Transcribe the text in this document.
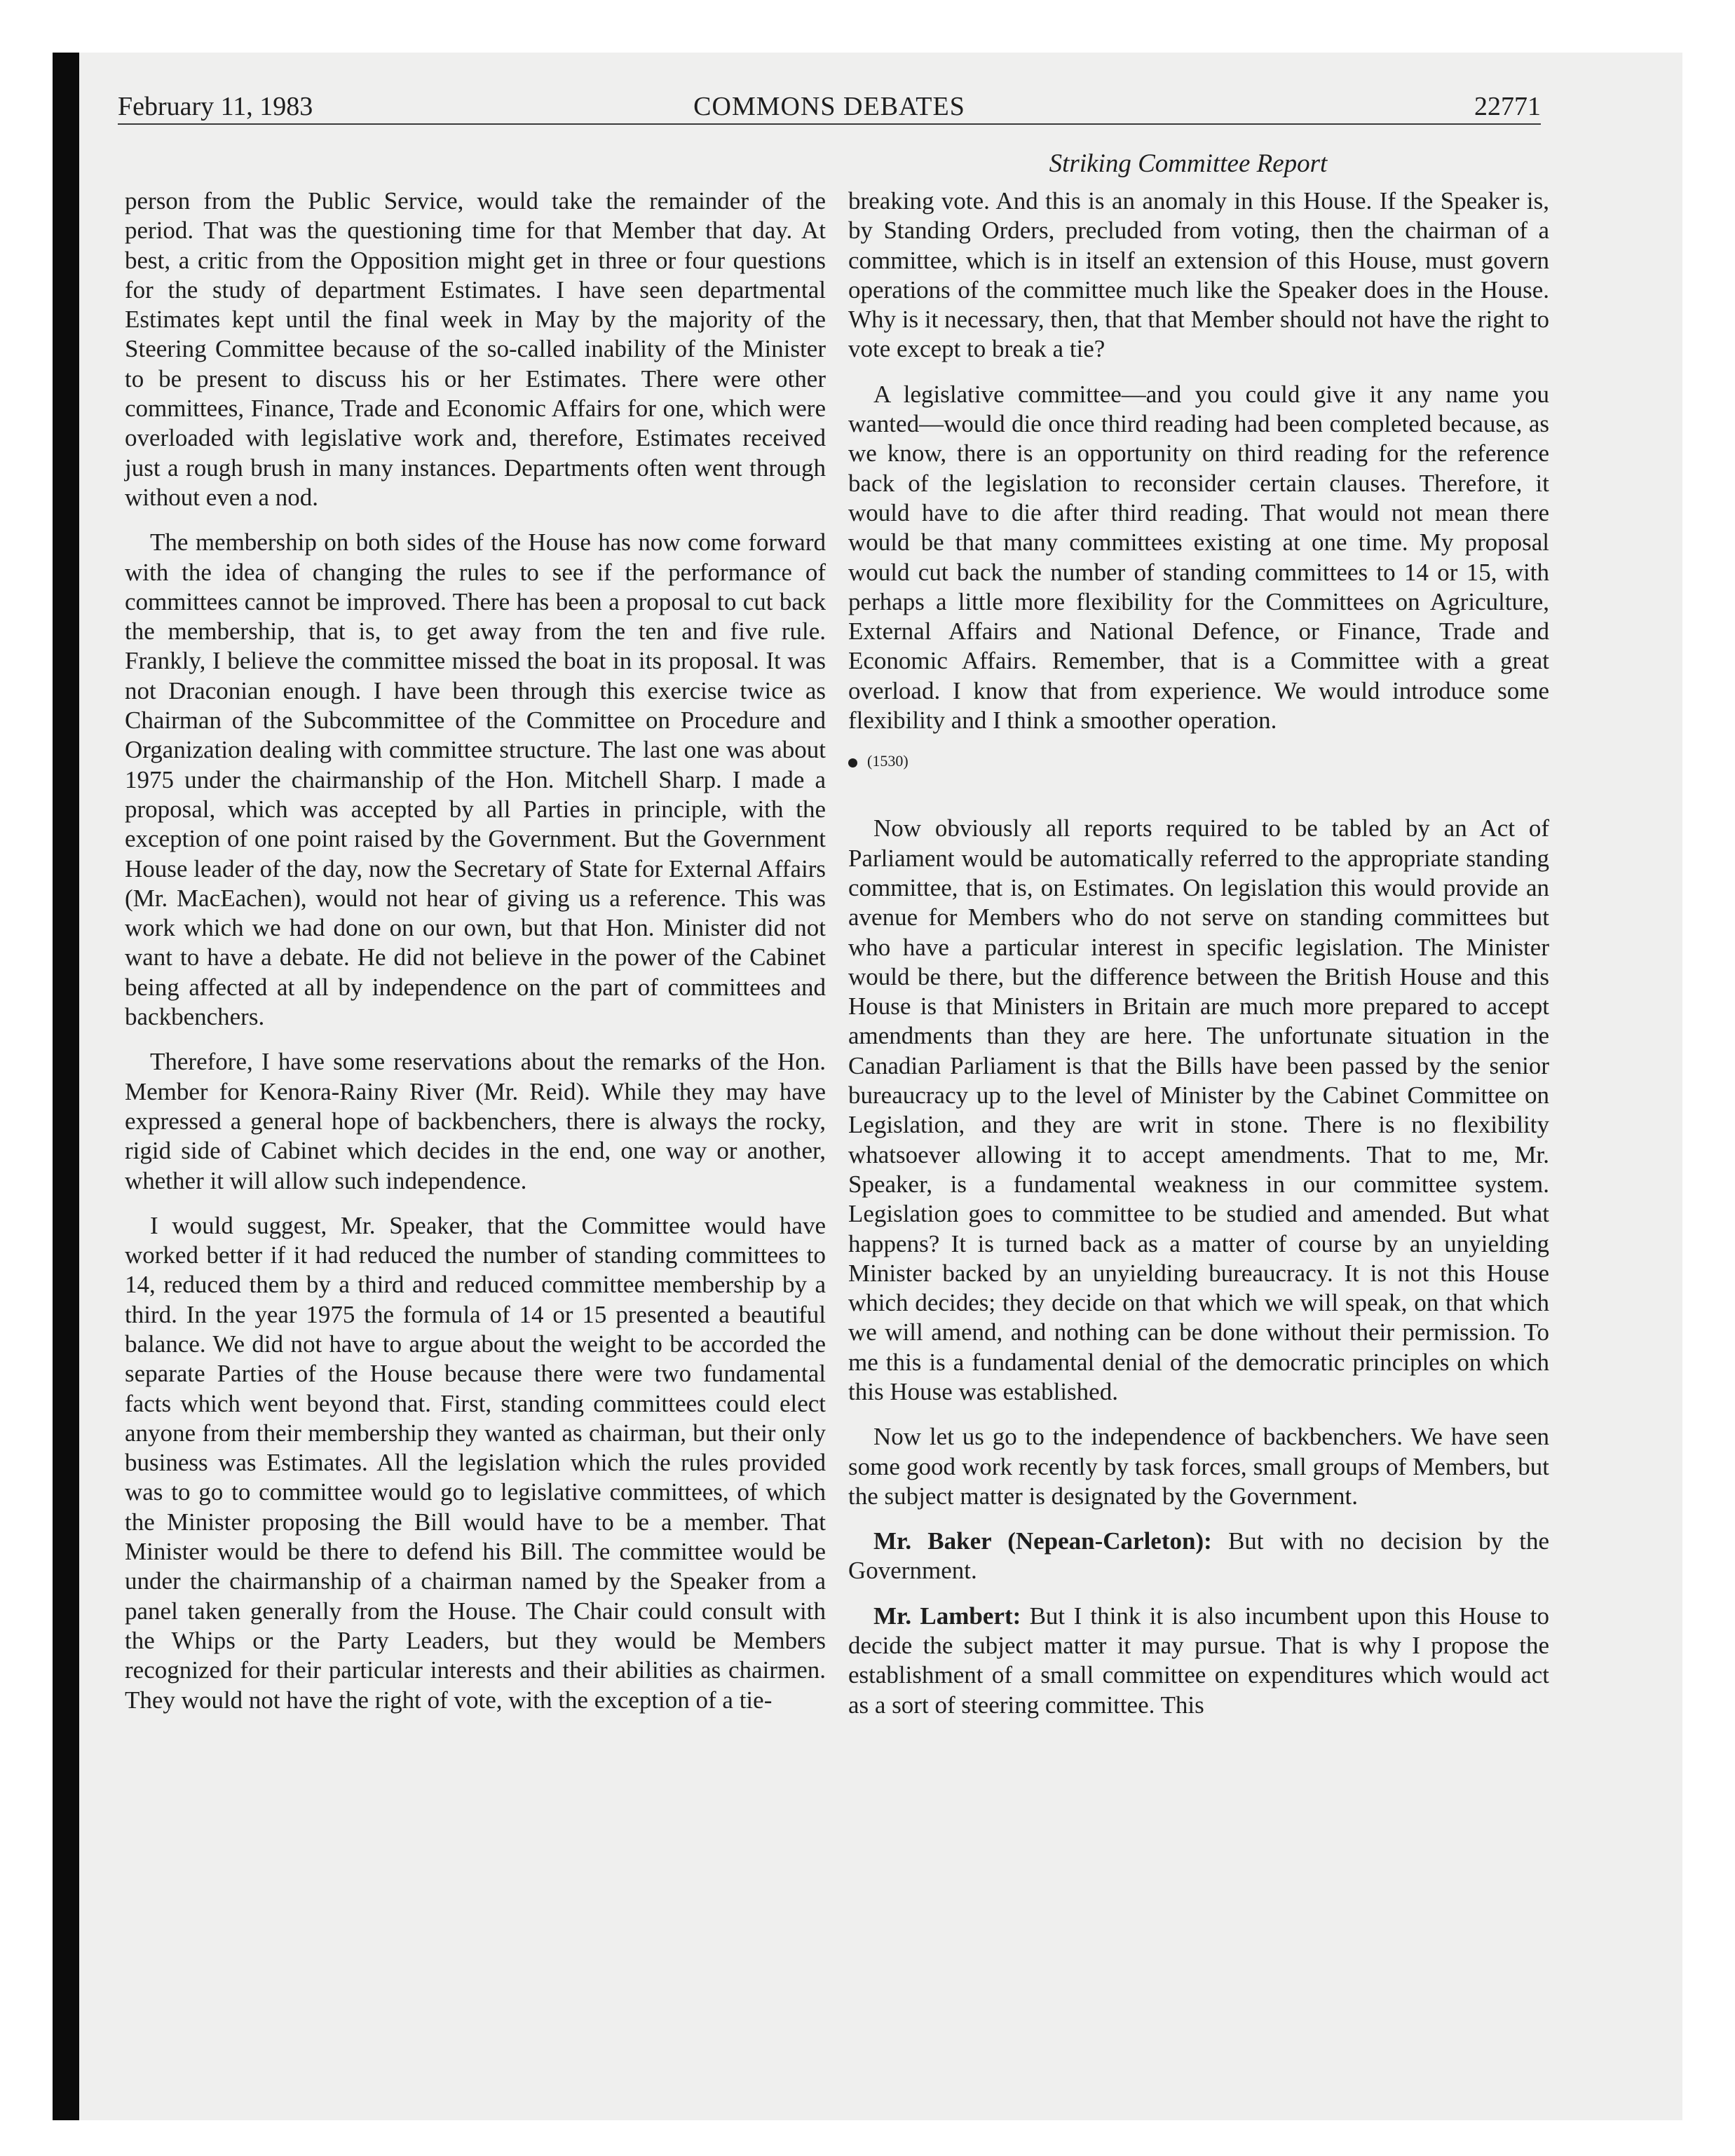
February 11, 1983	COMMONS DEBATES	22771
Striking Committee Report

person from the Public Service, would take the remainder of the period. That was the questioning time for that Member that day. At best, a critic from the Opposition might get in three or four questions for the study of department Estimates. I have seen departmental Estimates kept until the final week in May by the majority of the Steering Committee because of the so-called inability of the Minister to be present to discuss his or her Estimates. There were other committees, Finance, Trade and Economic Affairs for one, which were overloaded with legislative work and, therefore, Estimates received just a rough brush in many instances. Departments often went through without even a nod.

The membership on both sides of the House has now come forward with the idea of changing the rules to see if the performance of committees cannot be improved. There has been a proposal to cut back the membership, that is, to get away from the ten and five rule. Frankly, I believe the committee missed the boat in its proposal. It was not Draconian enough. I have been through this exercise twice as Chairman of the Subcommittee of the Committee on Procedure and Organization dealing with committee structure. The last one was about 1975 under the chairmanship of the Hon. Mitchell Sharp. I made a proposal, which was accepted by all Parties in principle, with the exception of one point raised by the Government. But the Government House leader of the day, now the Secretary of State for External Affairs (Mr. MacEachen), would not hear of giving us a reference. This was work which we had done on our own, but that Hon. Minister did not want to have a debate. He did not believe in the power of the Cabinet being affected at all by independence on the part of committees and backbenchers.

Therefore, I have some reservations about the remarks of the Hon. Member for Kenora-Rainy River (Mr. Reid). While they may have expressed a general hope of backbenchers, there is always the rocky, rigid side of Cabinet which decides in the end, one way or another, whether it will allow such independence.

I would suggest, Mr. Speaker, that the Committee would have worked better if it had reduced the number of standing committees to 14, reduced them by a third and reduced committee membership by a third. In the year 1975 the formula of 14 or 15 presented a beautiful balance. We did not have to argue about the weight to be accorded the separate Parties of the House because there were two fundamental facts which went beyond that. First, standing committees could elect anyone from their membership they wanted as chairman, but their only business was Estimates. All the legislation which the rules provided was to go to committee would go to legislative committees, of which the Minister proposing the Bill would have to be a member. That Minister would be there to defend his Bill. The committee would be under the chairmanship of a chairman named by the Speaker from a panel taken generally from the House. The Chair could consult with the Whips or the Party Leaders, but they would be Members recognized for their particular interests and their abilities as chairmen. They would not have the right of vote, with the exception of a tie-

breaking vote. And this is an anomaly in this House. If the Speaker is, by Standing Orders, precluded from voting, then the chairman of a committee, which is in itself an extension of this House, must govern operations of the committee much like the Speaker does in the House. Why is it necessary, then, that that Member should not have the right to vote except to break a tie?

A legislative committee—and you could give it any name you wanted—would die once third reading had been completed because, as we know, there is an opportunity on third reading for the reference back of the legislation to reconsider certain clauses. Therefore, it would have to die after third reading. That would not mean there would be that many committees existing at one time. My proposal would cut back the number of standing committees to 14 or 15, with perhaps a little more flexibility for the Committees on Agriculture, External Affairs and National Defence, or Finance, Trade and Economic Affairs. Remember, that is a Committee with a great overload. I know that from experience. We would introduce some flexibility and I think a smoother operation.

(1530)

Now obviously all reports required to be tabled by an Act of Parliament would be automatically referred to the appropriate standing committee, that is, on Estimates. On legislation this would provide an avenue for Members who do not serve on standing committees but who have a particular interest in specific legislation. The Minister would be there, but the difference between the British House and this House is that Ministers in Britain are much more prepared to accept amendments than they are here. The unfortunate situation in the Canadian Parliament is that the Bills have been passed by the senior bureaucracy up to the level of Minister by the Cabinet Committee on Legislation, and they are writ in stone. There is no flexibility whatsoever allowing it to accept amendments. That to me, Mr. Speaker, is a fundamental weakness in our committee system. Legislation goes to committee to be studied and amended. But what happens? It is turned back as a matter of course by an unyielding Minister backed by an unyielding bureaucracy. It is not this House which decides; they decide on that which we will speak, on that which we will amend, and nothing can be done without their permission. To me this is a fundamental denial of the democratic principles on which this House was established.

Now let us go to the independence of backbenchers. We have seen some good work recently by task forces, small groups of Members, but the subject matter is designated by the Government.

Mr. Baker (Nepean-Carleton): But with no decision by the Government.

Mr. Lambert: But I think it is also incumbent upon this House to decide the subject matter it may pursue. That is why I propose the establishment of a small committee on expenditures which would act as a sort of steering committee. This
